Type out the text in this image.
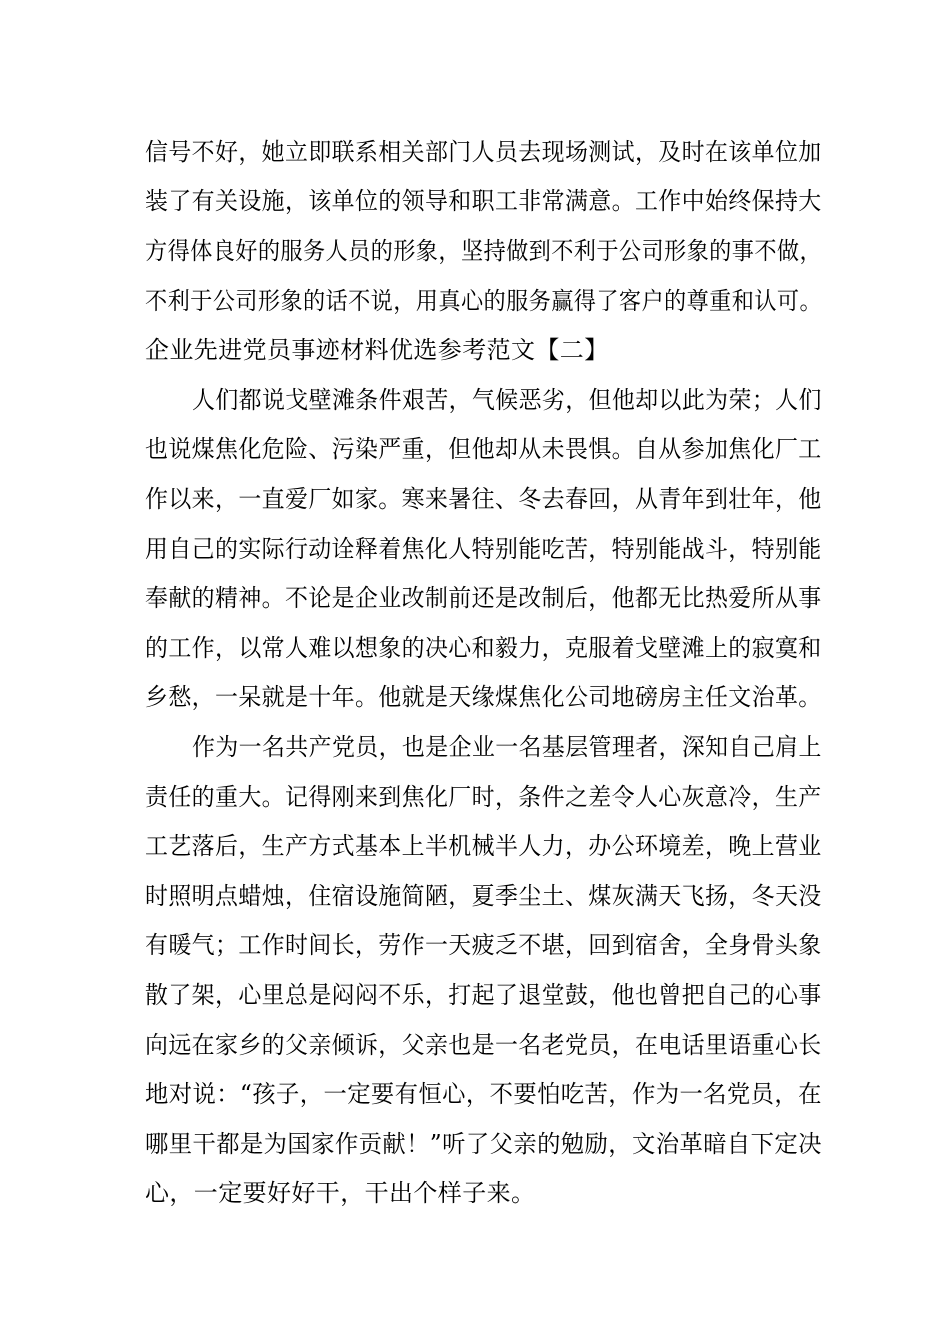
信号不好，她立即联系相关部门人员去现场测试，及时在该单位加
装了有关设施，该单位的领导和职工非常满意。工作中始终保持大
方得体良好的服务人员的形象，坚持做到不利于公司形象的事不做，
不利于公司形象的话不说，用真心的服务赢得了客户的尊重和认可。
企业先进党员事迹材料优选参考范文【二】
人们都说戈壁滩条件艰苦，气候恶劣，但他却以此为荣；人们
也说煤焦化危险、污染严重，但他却从未畏惧。自从参加焦化厂工
作以来，一直爱厂如家。寒来暑往、冬去春回，从青年到壮年，他
用自己的实际行动诠释着焦化人特别能吃苦，特别能战斗，特别能
奉献的精神。不论是企业改制前还是改制后，他都无比热爱所从事
的工作，以常人难以想象的决心和毅力，克服着戈壁滩上的寂寞和
乡愁，一呆就是十年。他就是天缘煤焦化公司地磅房主任文治革。
作为一名共产党员，也是企业一名基层管理者，深知自己肩上
责任的重大。记得刚来到焦化厂时，条件之差令人心灰意冷，生产
工艺落后，生产方式基本上半机械半人力，办公环境差，晚上营业
时照明点蜡烛，住宿设施简陋，夏季尘土、煤灰满天飞扬，冬天没
有暖气；工作时间长，劳作一天疲乏不堪，回到宿舍，全身骨头象
散了架，心里总是闷闷不乐，打起了退堂鼓，他也曾把自己的心事
向远在家乡的父亲倾诉，父亲也是一名老党员，在电话里语重心长
地对说：“孩子，一定要有恒心，不要怕吃苦，作为一名党员，在
哪里干都是为国家作贡献！”听了父亲的勉励，文治革暗自下定决
心，一定要好好干，干出个样子来。
